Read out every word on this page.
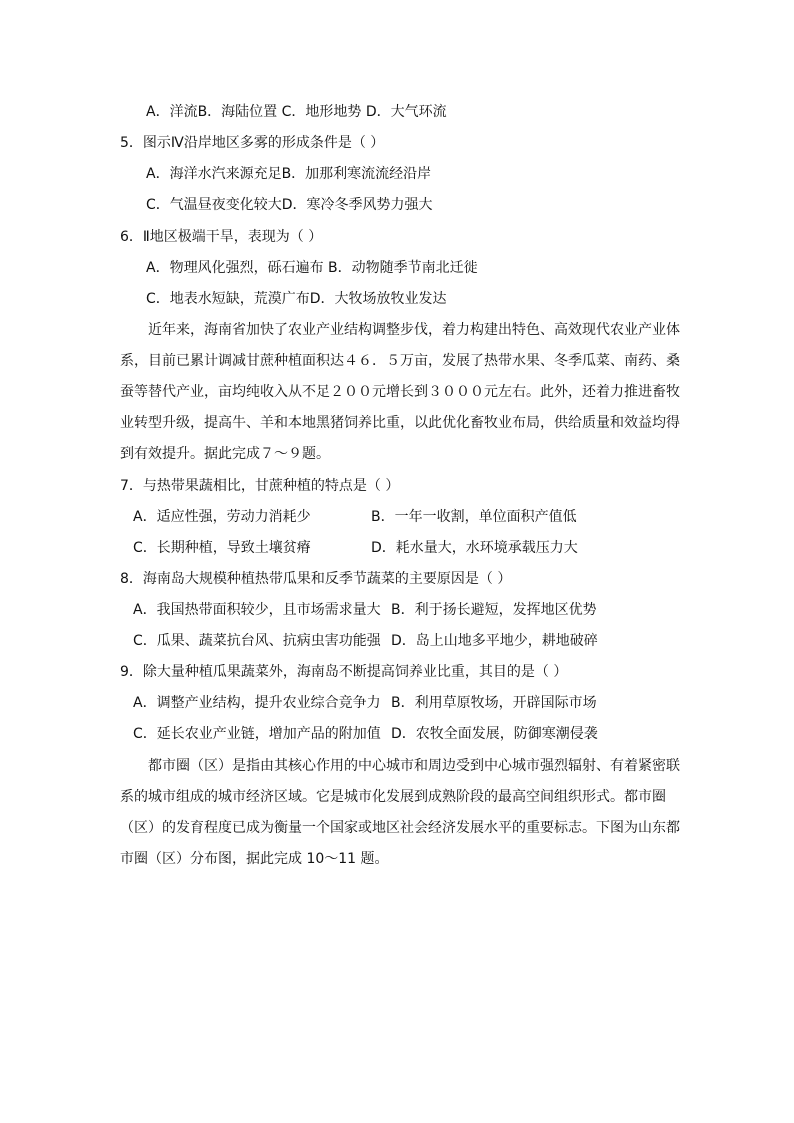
A．洋流B．海陆位置 C．地形地势 D．大气环流
5．图示Ⅳ沿岸地区多雾的形成条件是（ ）
A．海洋水汽来源充足B．加那利寒流流经沿岸
C．气温昼夜变化较大D．寒冷冬季风势力强大
6．Ⅱ地区极端干旱，表现为（ ）
A．物理风化强烈，砾石遍布 B．动物随季节南北迁徙
C．地表水短缺，荒漠广布D．大牧场放牧业发达
近年来，海南省加快了农业产业结构调整步伐，着力构建出特色、高效现代农业产业体
系，目前已累计调减甘蔗种植面积达４６．５万亩，发展了热带水果、冬季瓜菜、南药、桑
蚕等替代产业，亩均纯收入从不足２００元增长到３０００元左右。此外，还着力推进畜牧
业转型升级，提高牛、羊和本地黑猪饲养比重，以此优化畜牧业布局，供给质量和效益均得
到有效提升。据此完成７～９题。
7．与热带果蔬相比，甘蔗种植的特点是（ ）
A．适应性强，劳动力消耗少	B．一年一收割，单位面积产值低
C．长期种植，导致土壤贫瘠	D．耗水量大，水环境承载压力大
8．海南岛大规模种植热带瓜果和反季节蔬菜的主要原因是（ ）
A．我国热带面积较少，且市场需求量大 B．利于扬长避短，发挥地区优势
C．瓜果、蔬菜抗台风、抗病虫害功能强 D．岛上山地多平地少，耕地破碎
9．除大量种植瓜果蔬菜外，海南岛不断提高饲养业比重，其目的是（ ）
A．调整产业结构，提升农业综合竞争力 B．利用草原牧场，开辟国际市场
C．延长农业产业链，增加产品的附加值 D．农牧全面发展，防御寒潮侵袭
都市圈（区）是指由其核心作用的中心城市和周边受到中心城市强烈辐射、有着紧密联
系的城市组成的城市经济区域。它是城市化发展到成熟阶段的最高空间组织形式。都市圈
（区）的发育程度已成为衡量一个国家或地区社会经济发展水平的重要标志。下图为山东都
市圈（区）分布图，据此完成 10～11 题。
